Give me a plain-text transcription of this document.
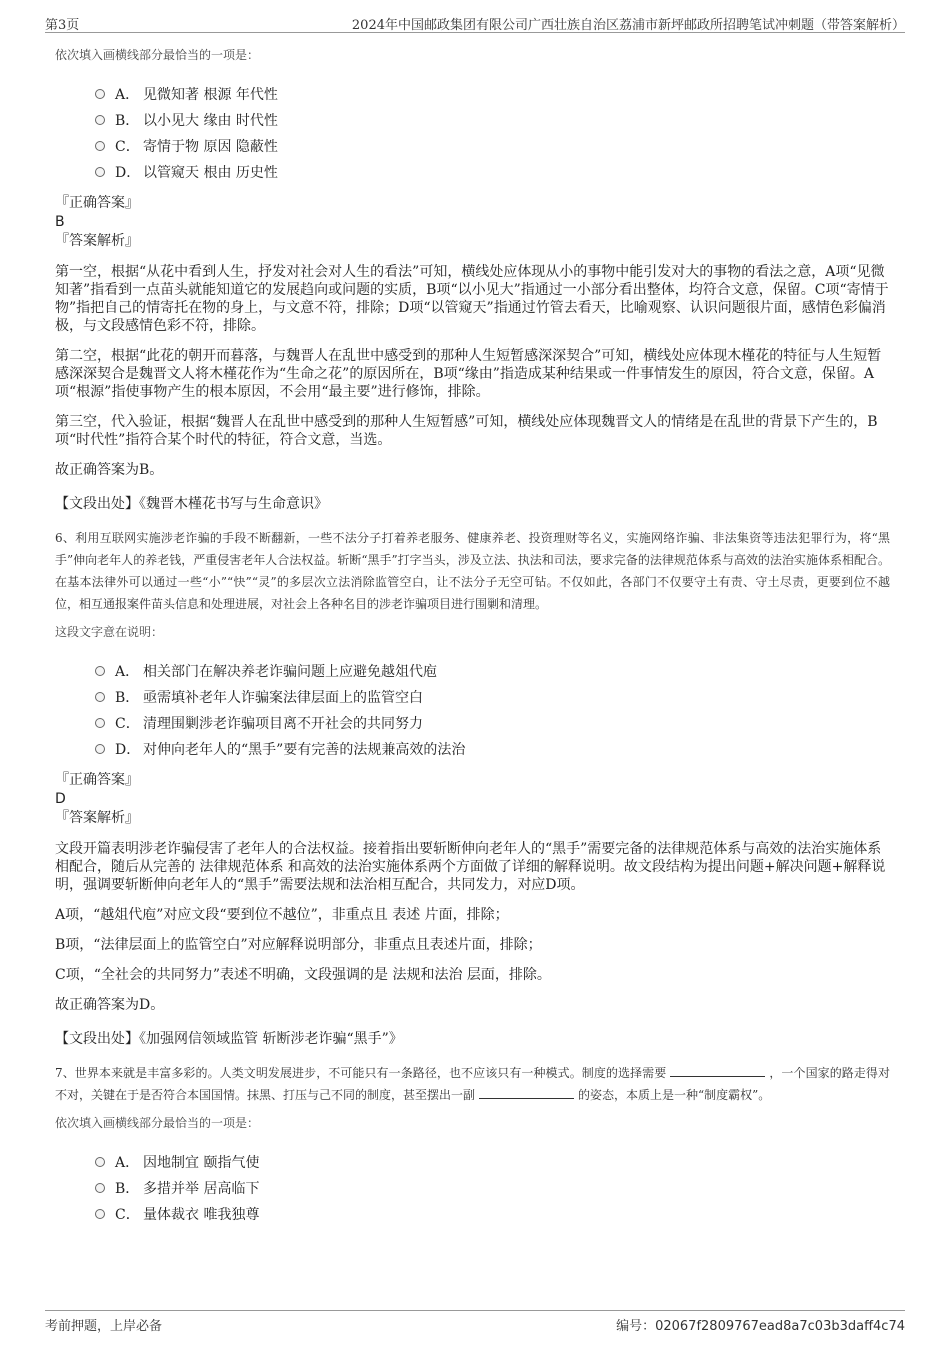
第3页	2024年中国邮政集团有限公司广西壮族自治区荔浦市新坪邮政所招聘笔试冲刺题（带答案解析）

依次填入画横线部分最恰当的一项是：

A． 见微知著 根源 年代性
B． 以小见大 缘由 时代性
C． 寄情于物 原因 隐蔽性
D． 以管窥天 根由 历史性

『正确答案』

B

『答案解析』

第一空，根据“从花中看到人生，抒发对社会对人生的看法”可知，横线处应体现从小的事物中能引发对大的事物的看法之意，A项“见微知著”指看到一点苗头就能知道它的发展趋向或问题的实质，B项“以小见大”指通过一小部分看出整体，均符合文意，保留。C项“寄情于物”指把自己的情寄托在物的身上，与文意不符，排除；D项“以管窥天”指通过竹管去看天，比喻观察、认识问题很片面，感情色彩偏消极，与文段感情色彩不符，排除。

第二空，根据“此花的朝开而暮落，与魏晋人在乱世中感受到的那种人生短暂感深深契合”可知，横线处应体现木槿花的特征与人生短暂感深深契合是魏晋文人将木槿花作为“生命之花”的原因所在，B项“缘由”指造成某种结果或一件事情发生的原因，符合文意，保留。A项“根源”指使事物产生的根本原因，不会用“最主要”进行修饰，排除。

第三空，代入验证，根据“魏晋人在乱世中感受到的那种人生短暂感”可知，横线处应体现魏晋文人的情绪是在乱世的背景下产生的，B项“时代性”指符合某个时代的特征，符合文意，当选。

故正确答案为B。

【文段出处】《魏晋木槿花书写与生命意识》

6、利用互联网实施涉老诈骗的手段不断翻新，一些不法分子打着养老服务、健康养老、投资理财等名义，实施网络诈骗、非法集资等违法犯罪行为，将“黑手”伸向老年人的养老钱，严重侵害老年人合法权益。斩断“黑手”打字当头，涉及立法、执法和司法，要求完备的法律规范体系与高效的法治实施体系相配合。在基本法律外可以通过一些“小”“快”“灵”的多层次立法消除监管空白，让不法分子无空可钻。不仅如此，各部门不仅要守土有责、守土尽责，更要到位不越位，相互通报案件苗头信息和处理进展，对社会上各种名目的涉老诈骗项目进行围剿和清理。

这段文字意在说明：

A． 相关部门在解决养老诈骗问题上应避免越俎代庖
B． 亟需填补老年人诈骗案法律层面上的监管空白
C． 清理围剿涉老诈骗项目离不开社会的共同努力
D． 对伸向老年人的“黑手”要有完善的法规兼高效的法治

『正确答案』

D

『答案解析』

文段开篇表明涉老诈骗侵害了老年人的合法权益。接着指出要斩断伸向老年人的“黑手”需要完备的法律规范体系与高效的法治实施体系相配合，随后从完善的 法律规范体系 和高效的法治实施体系两个方面做了详细的解释说明。故文段结构为提出问题+解决问题+解释说明，强调要斩断伸向老年人的“黑手”需要法规和法治相互配合，共同发力，对应D项。

A项，“越俎代庖”对应文段“要到位不越位”，非重点且 表述 片面，排除；

B项，“法律层面上的监管空白”对应解释说明部分，非重点且表述片面，排除；

C项，“全社会的共同努力”表述不明确，文段强调的是 法规和法治 层面，排除。

故正确答案为D。

【文段出处】《加强网信领域监管 斩断涉老诈骗“黑手”》

7、世界本来就是丰富多彩的。人类文明发展进步，不可能只有一条路径，也不应该只有一种模式。制度的选择需要	，一个国家的路走得对不对，关键在于是否符合本国国情。抹黑、打压与己不同的制度，甚至摆出一副	的姿态，本质上是一种“制度霸权”。

依次填入画横线部分最恰当的一项是：

A． 因地制宜 颐指气使
B． 多措并举 居高临下
C． 量体裁衣 唯我独尊
考前押题，上岸必备	编号：02067f2809767ead8a7c03b3daff4c74
